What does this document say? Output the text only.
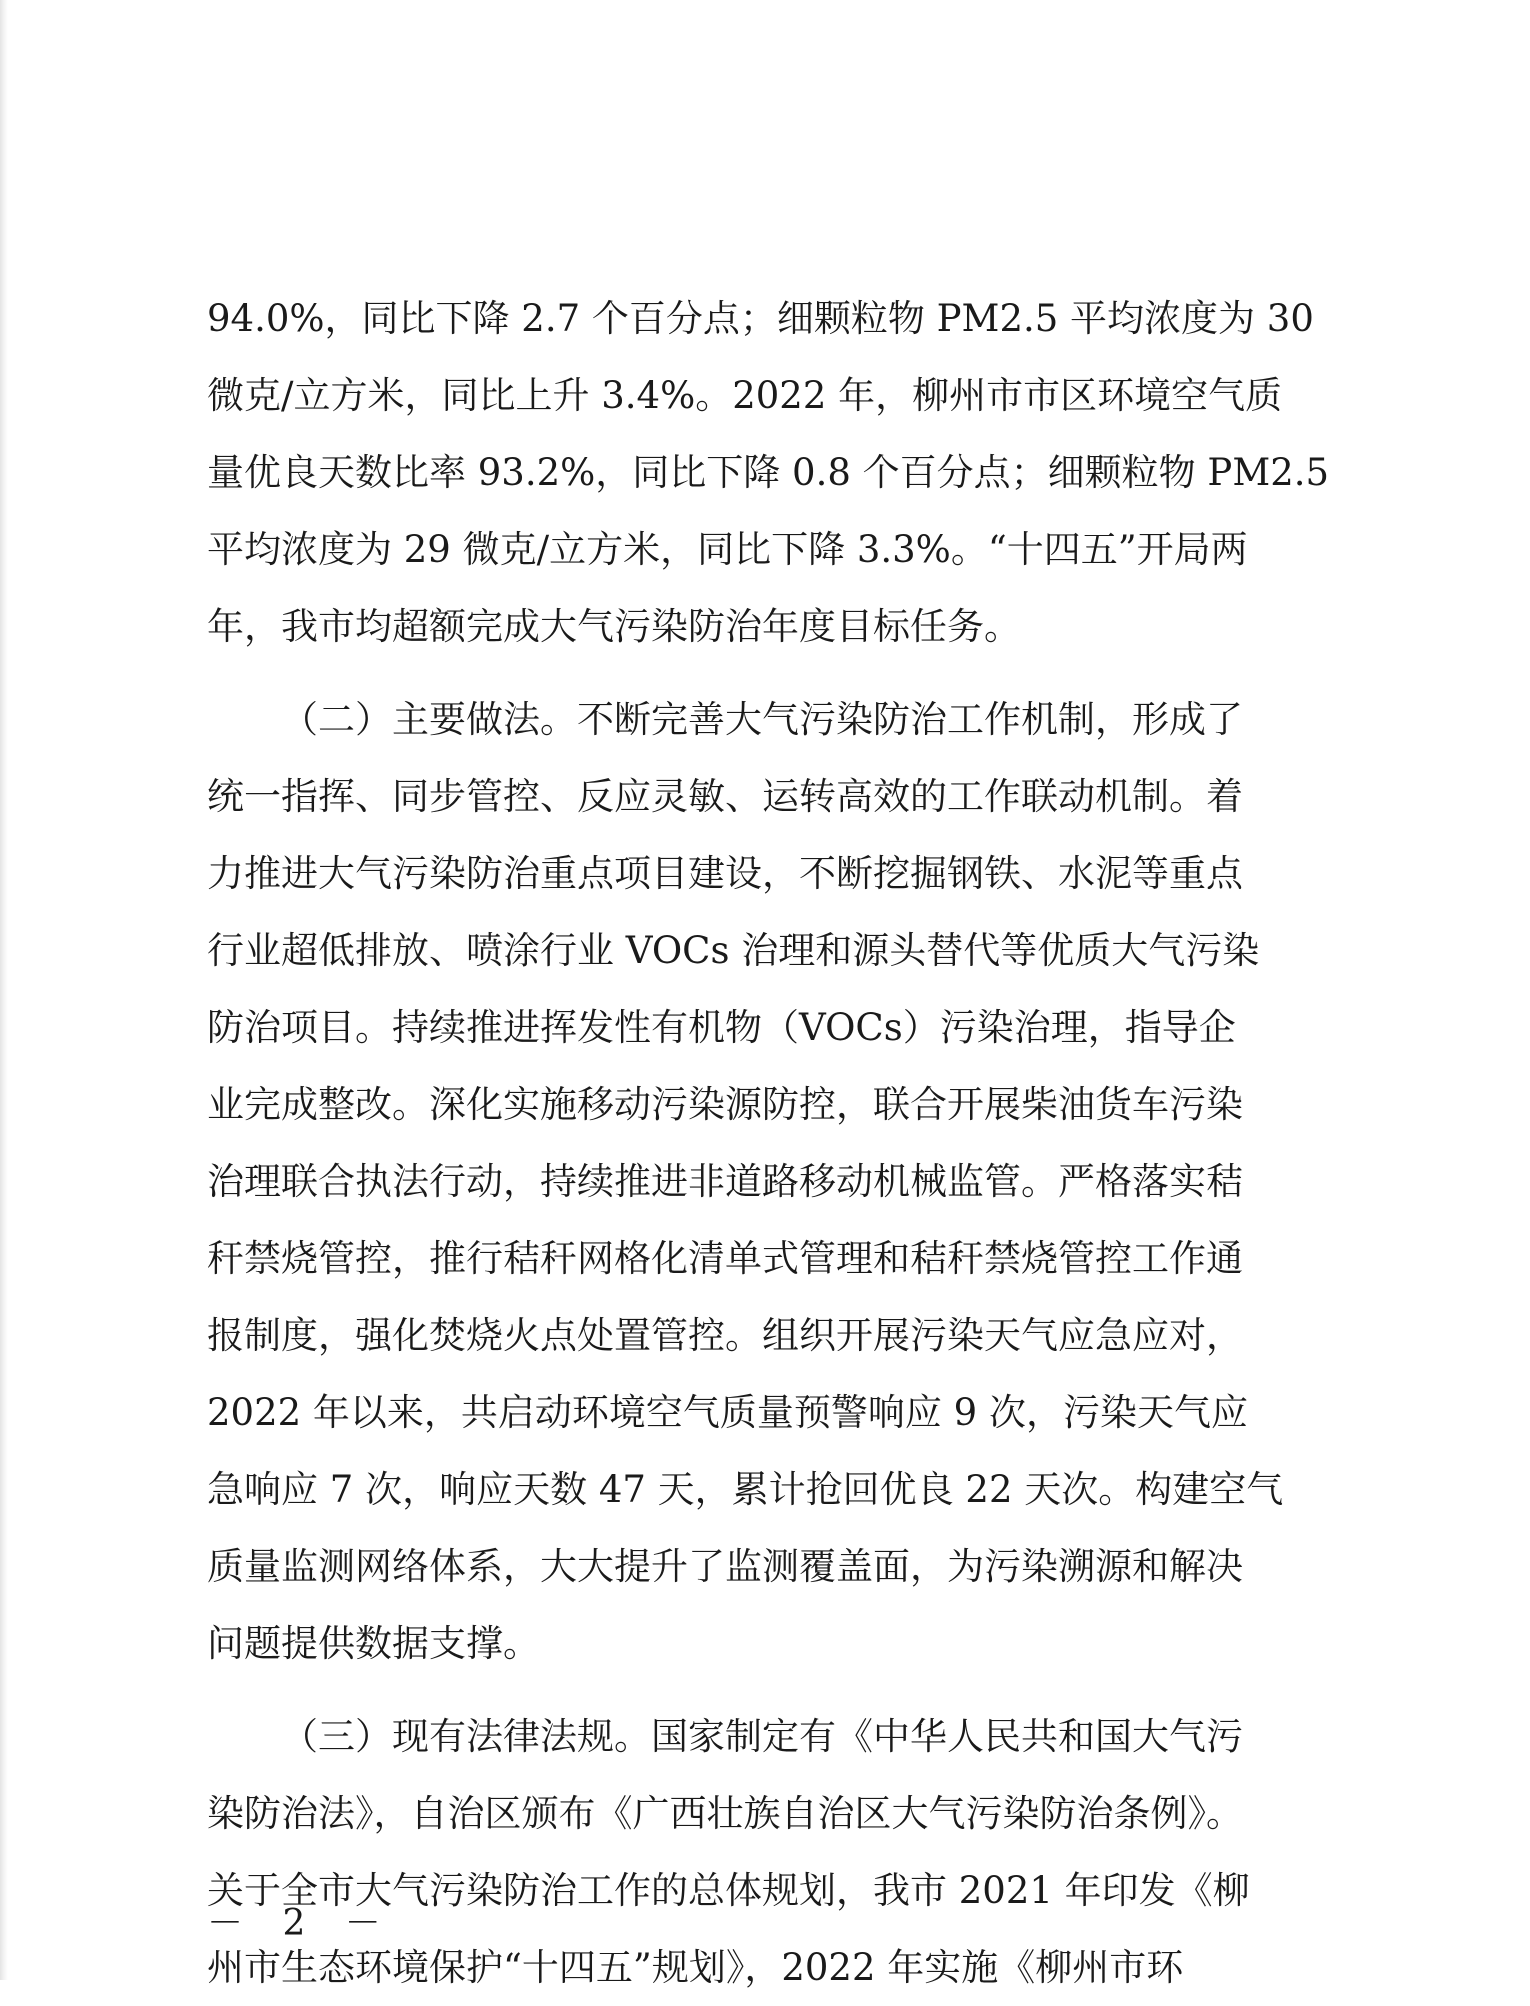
94.0%，同比下降 2.7 个百分点；细颗粒物 PM2.5 平均浓度为 30
微克/立方米，同比上升 3.4%。2022 年，柳州市市区环境空气质
量优良天数比率 93.2%，同比下降 0.8 个百分点；细颗粒物 PM2.5
平均浓度为 29 微克/立方米，同比下降 3.3%。“十四五”开局两
年，我市均超额完成大气污染防治年度目标任务。
（二）主要做法。不断完善大气污染防治工作机制，形成了
统一指挥、同步管控、反应灵敏、运转高效的工作联动机制。着
力推进大气污染防治重点项目建设，不断挖掘钢铁、水泥等重点
行业超低排放、喷涂行业 VOCs 治理和源头替代等优质大气污染
防治项目。持续推进挥发性有机物（VOCs）污染治理，指导企
业完成整改。深化实施移动污染源防控，联合开展柴油货车污染
治理联合执法行动，持续推进非道路移动机械监管。严格落实秸
秆禁烧管控，推行秸秆网格化清单式管理和秸秆禁烧管控工作通
报制度，强化焚烧火点处置管控。组织开展污染天气应急应对，
2022 年以来，共启动环境空气质量预警响应 9 次，污染天气应
急响应 7 次，响应天数 47 天，累计抢回优良 22 天次。构建空气
质量监测网络体系，大大提升了监测覆盖面，为污染溯源和解决
问题提供数据支撑。
（三）现有法律法规。国家制定有《中华人民共和国大气污
染防治法》，自治区颁布《广西壮族自治区大气污染防治条例》。
关于全市大气污染防治工作的总体规划，我市 2021 年印发《柳
州市生态环境保护“十四五”规划》，2022 年实施《柳州市环
－ 2 －
